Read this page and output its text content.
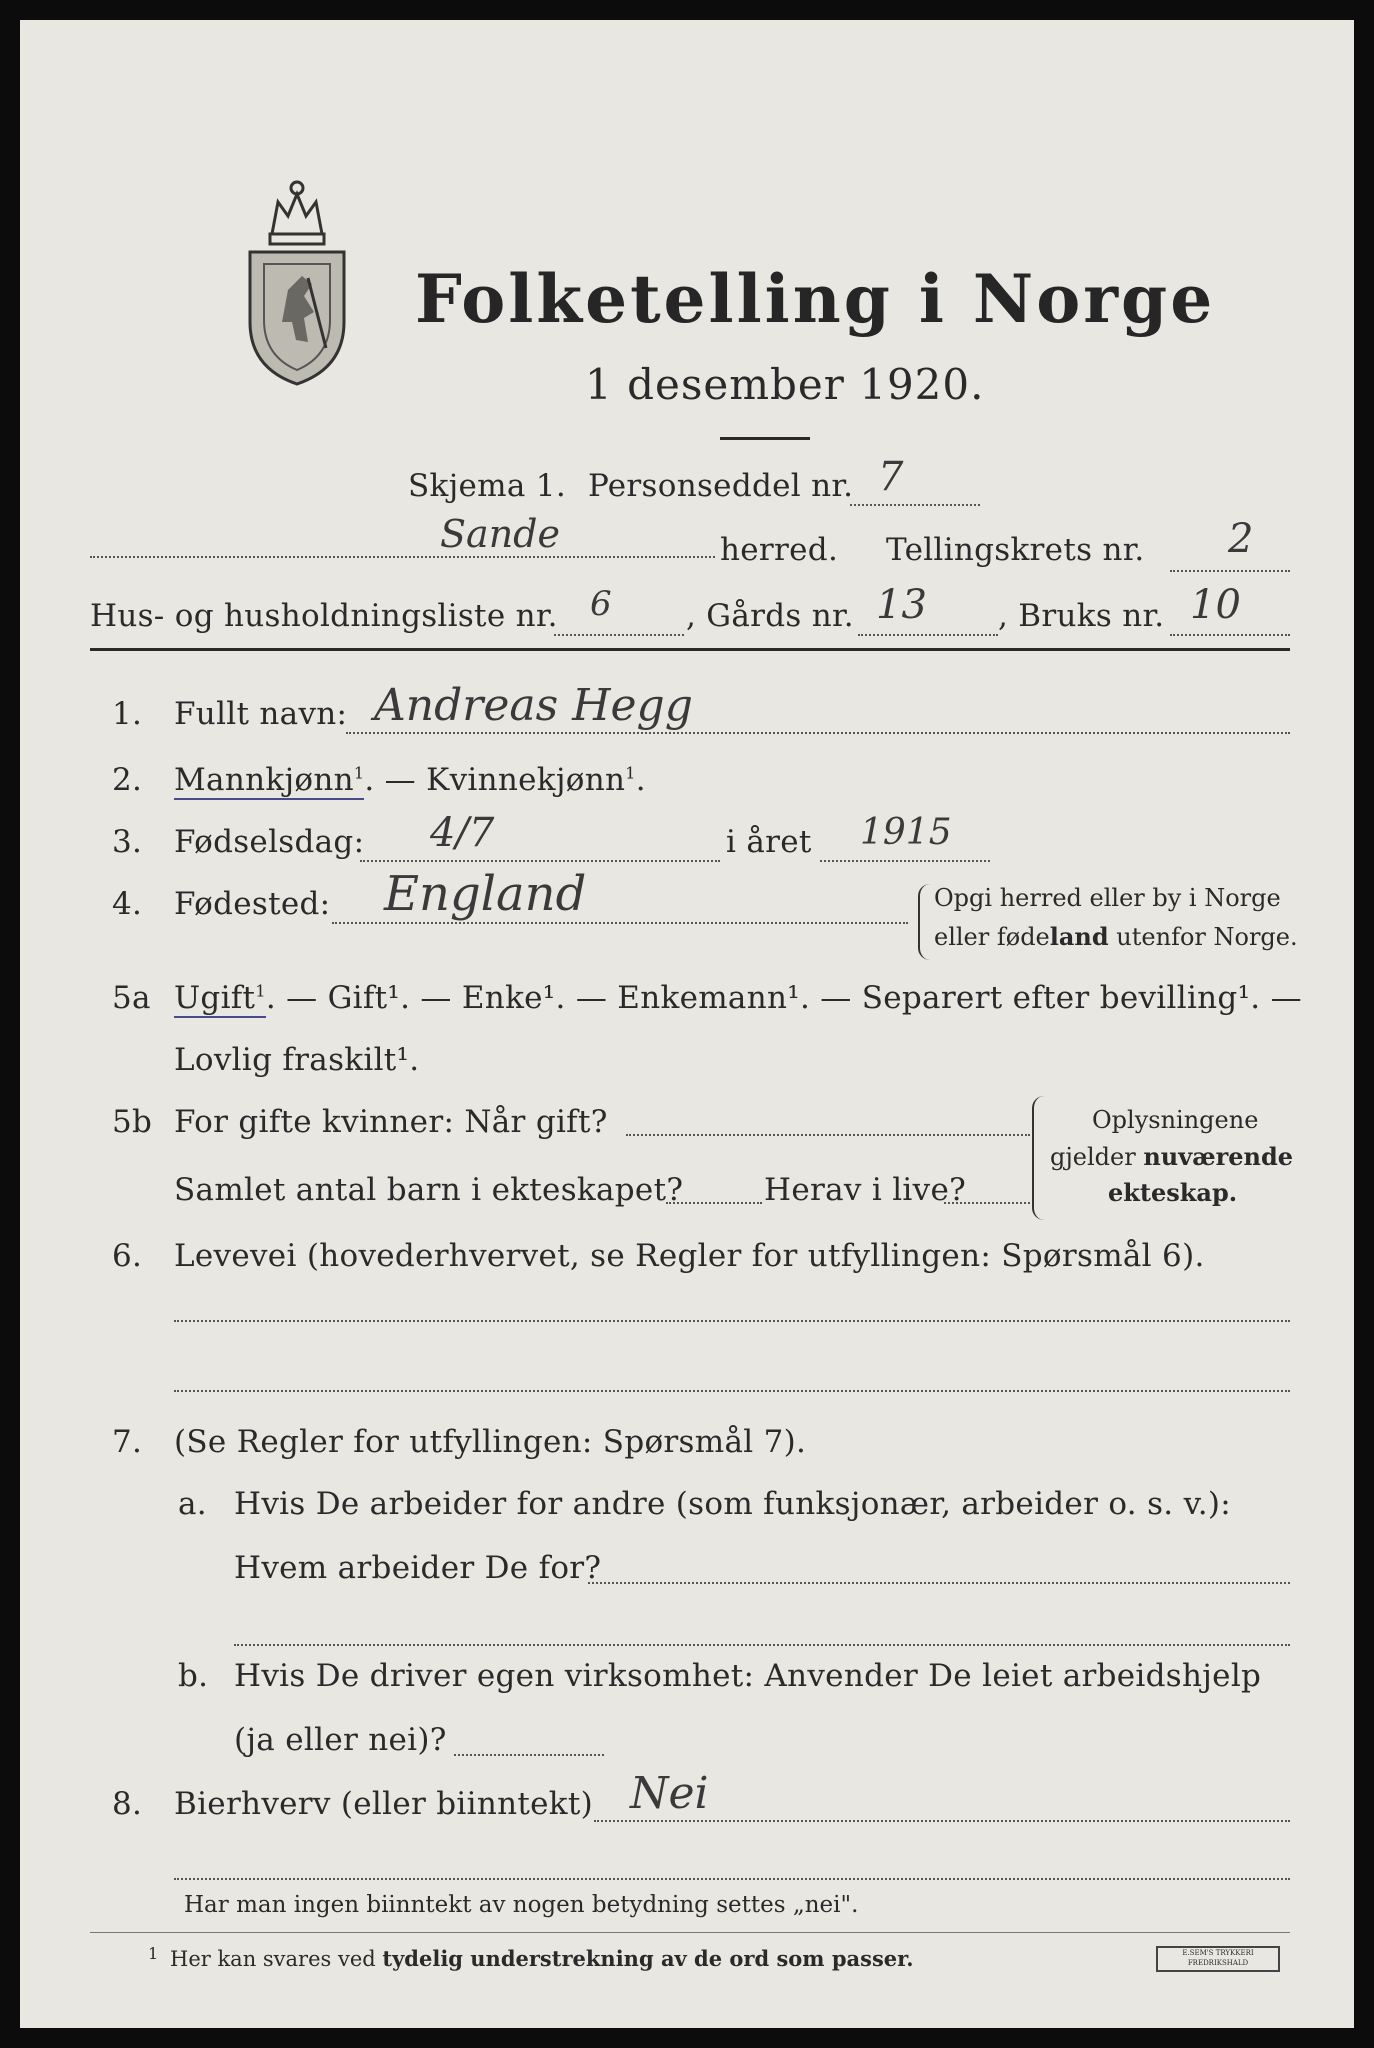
Folketelling i Norge
1 desember 1920.
Skjema 1. Personseddel nr. 7
Sande	herred. Tellingskrets nr. 2
Hus- og husholdningsliste nr. 6 , Gårds nr. 13 , Bruks nr. 10
1. Fullt navn: Andreas Hegg
2. Mannkjønn$^1$. — Kvinnekjønn$^1$.
3. Fødselsdag: 4/7	i året 1915
4. Fødested: England	Opgi herred eller by i Norge
eller fødeland utenfor Norge.
5a Ugift$^1$. — Gift¹. — Enke¹. — Enkemann¹. — Separert efter bevilling¹. —
Lovlig fraskilt¹.
5b For gifte kvinner: Når gift?
Samlet antal barn i ekteskapet?	Herav i live?
Oplysningene
gjelder nuværende
ekteskap.
6. Levevei (hovederhvervet, se Regler for utfyllingen: Spørsmål 6).
7. (Se Regler for utfyllingen: Spørsmål 7).
a. Hvis De arbeider for andre (som funksjonær, arbeider o. s. v.):
Hvem arbeider De for?
b. Hvis De driver egen virksomhet: Anvender De leiet arbeidshjelp
(ja eller nei)?
8. Bierhverv (eller biinntekt) Nei
Har man ingen biinntekt av nogen betydning settes „nei".
1 Her kan svares ved tydelig understrekning av de ord som passer.	E.SEM'S TRYKKERI FREDRIKSHALD
